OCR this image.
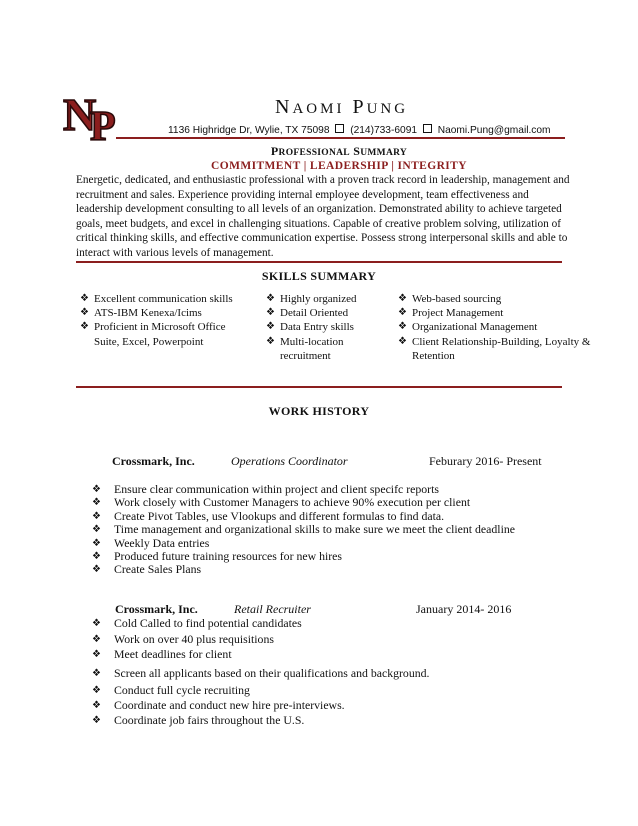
N
P	NAOMI PUNG
1136 Highridge Dr, Wylie, TX 75098 (214)733-6091 Naomi.Pung@gmail.com
PROFESSIONAL SUMMARY
COMMITMENT | LEADERSHIP | INTEGRITY
Energetic, dedicated, and enthusiastic professional with a proven track record in leadership, management and recruitment and sales. Experience providing internal employee development, team effectiveness and leadership development consulting to all levels of an organization. Demonstrated ability to achieve targeted goals, meet budgets, and excel in challenging situations. Capable of creative problem solving, utilization of critical thinking skills, and effective communication expertise. Possess strong interpersonal skills and able to interact with various levels of management.
SKILLS SUMMARY
❖ Excellent communication skills
❖ ATS-IBM Kenexa/Icims
❖ Proficient in Microsoft Office Suite, Excel, Powerpoint
❖ Highly organized
❖ Detail Oriented
❖ Data Entry skills
❖ Multi-location recruitment
❖ Web-based sourcing
❖ Project Management
❖ Organizational Management
❖ Client Relationship-Building, Loyalty & Retention
WORK HISTORY
Crossmark, Inc.	Operations Coordinator	Feburary 2016- Present
❖ Ensure clear communication within project and client specifc reports
❖ Work closely with Customer Managers to achieve 90% execution per client
❖ Create Pivot Tables, use Vlookups and different formulas to find data.
❖ Time management and organizational skills to make sure we meet the client deadline
❖ Weekly Data entries
❖ Produced future training resources for new hires
❖ Create Sales Plans
Crossmark, Inc.	Retail Recruiter	January 2014- 2016
❖ Cold Called to find potential candidates
❖ Work on over 40 plus requisitions
❖ Meet deadlines for client
❖ Screen all applicants based on their qualifications and background.
❖ Conduct full cycle recruiting
❖ Coordinate and conduct new hire pre-interviews.
❖ Coordinate job fairs throughout the U.S.
